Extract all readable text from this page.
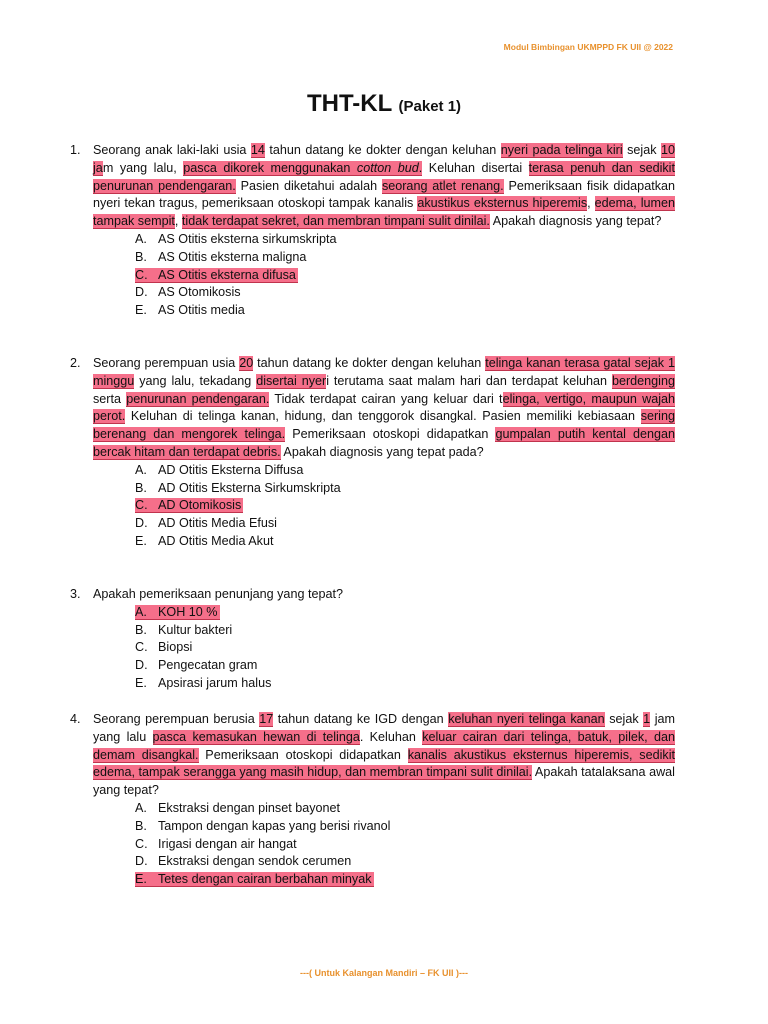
Modul Bimbingan UKMPPD FK UII @ 2022
THT-KL (Paket 1)
1. Seorang anak laki-laki usia 14 tahun datang ke dokter dengan keluhan nyeri pada telinga kiri sejak 10 jam yang lalu, pasca dikorek menggunakan cotton bud. Keluhan disertai terasa penuh dan sedikit penurunan pendengaran. Pasien diketahui adalah seorang atlet renang. Pemeriksaan fisik didapatkan nyeri tekan tragus, pemeriksaan otoskopi tampak kanalis akustikus eksternus hiperemis, edema, lumen tampak sempit, tidak terdapat sekret, dan membran timpani sulit dinilai. Apakah diagnosis yang tepat?
A. AS Otitis eksterna sirkumskripta
B. AS Otitis eksterna maligna
C. AS Otitis eksterna difusa
D. AS Otomikosis
E. AS Otitis media
2. Seorang perempuan usia 20 tahun datang ke dokter dengan keluhan telinga kanan terasa gatal sejak 1 minggu yang lalu, tekadang disertai nyeri terutama saat malam hari dan terdapat keluhan berdenging serta penurunan pendengaran. Tidak terdapat cairan yang keluar dari telinga, vertigo, maupun wajah perot. Keluhan di telinga kanan, hidung, dan tenggorok disangkal. Pasien memiliki kebiasaan sering berenang dan mengorek telinga. Pemeriksaan otoskopi didapatkan gumpalan putih kental dengan bercak hitam dan terdapat debris. Apakah diagnosis yang tepat pada?
A. AD Otitis Eksterna Diffusa
B. AD Otitis Eksterna Sirkumskripta
C. AD Otomikosis
D. AD Otitis Media Efusi
E. AD Otitis Media Akut
3. Apakah pemeriksaan penunjang yang tepat?
A. KOH 10 %
B. Kultur bakteri
C. Biopsi
D. Pengecatan gram
E. Apsirasi jarum halus
4. Seorang perempuan berusia 17 tahun datang ke IGD dengan keluhan nyeri telinga kanan sejak 1 jam yang lalu pasca kemasukan hewan di telinga. Keluhan keluar cairan dari telinga, batuk, pilek, dan demam disangkal. Pemeriksaan otoskopi didapatkan kanalis akustikus eksternus hiperemis, sedikit edema, tampak serangga yang masih hidup, dan membran timpani sulit dinilai. Apakah tatalaksana awal yang tepat?
A. Ekstraksi dengan pinset bayonet
B. Tampon dengan kapas yang berisi rivanol
C. Irigasi dengan air hangat
D. Ekstraksi dengan sendok cerumen
E. Tetes dengan cairan berbahan minyak
---( Untuk Kalangan Mandiri – FK UII )---
